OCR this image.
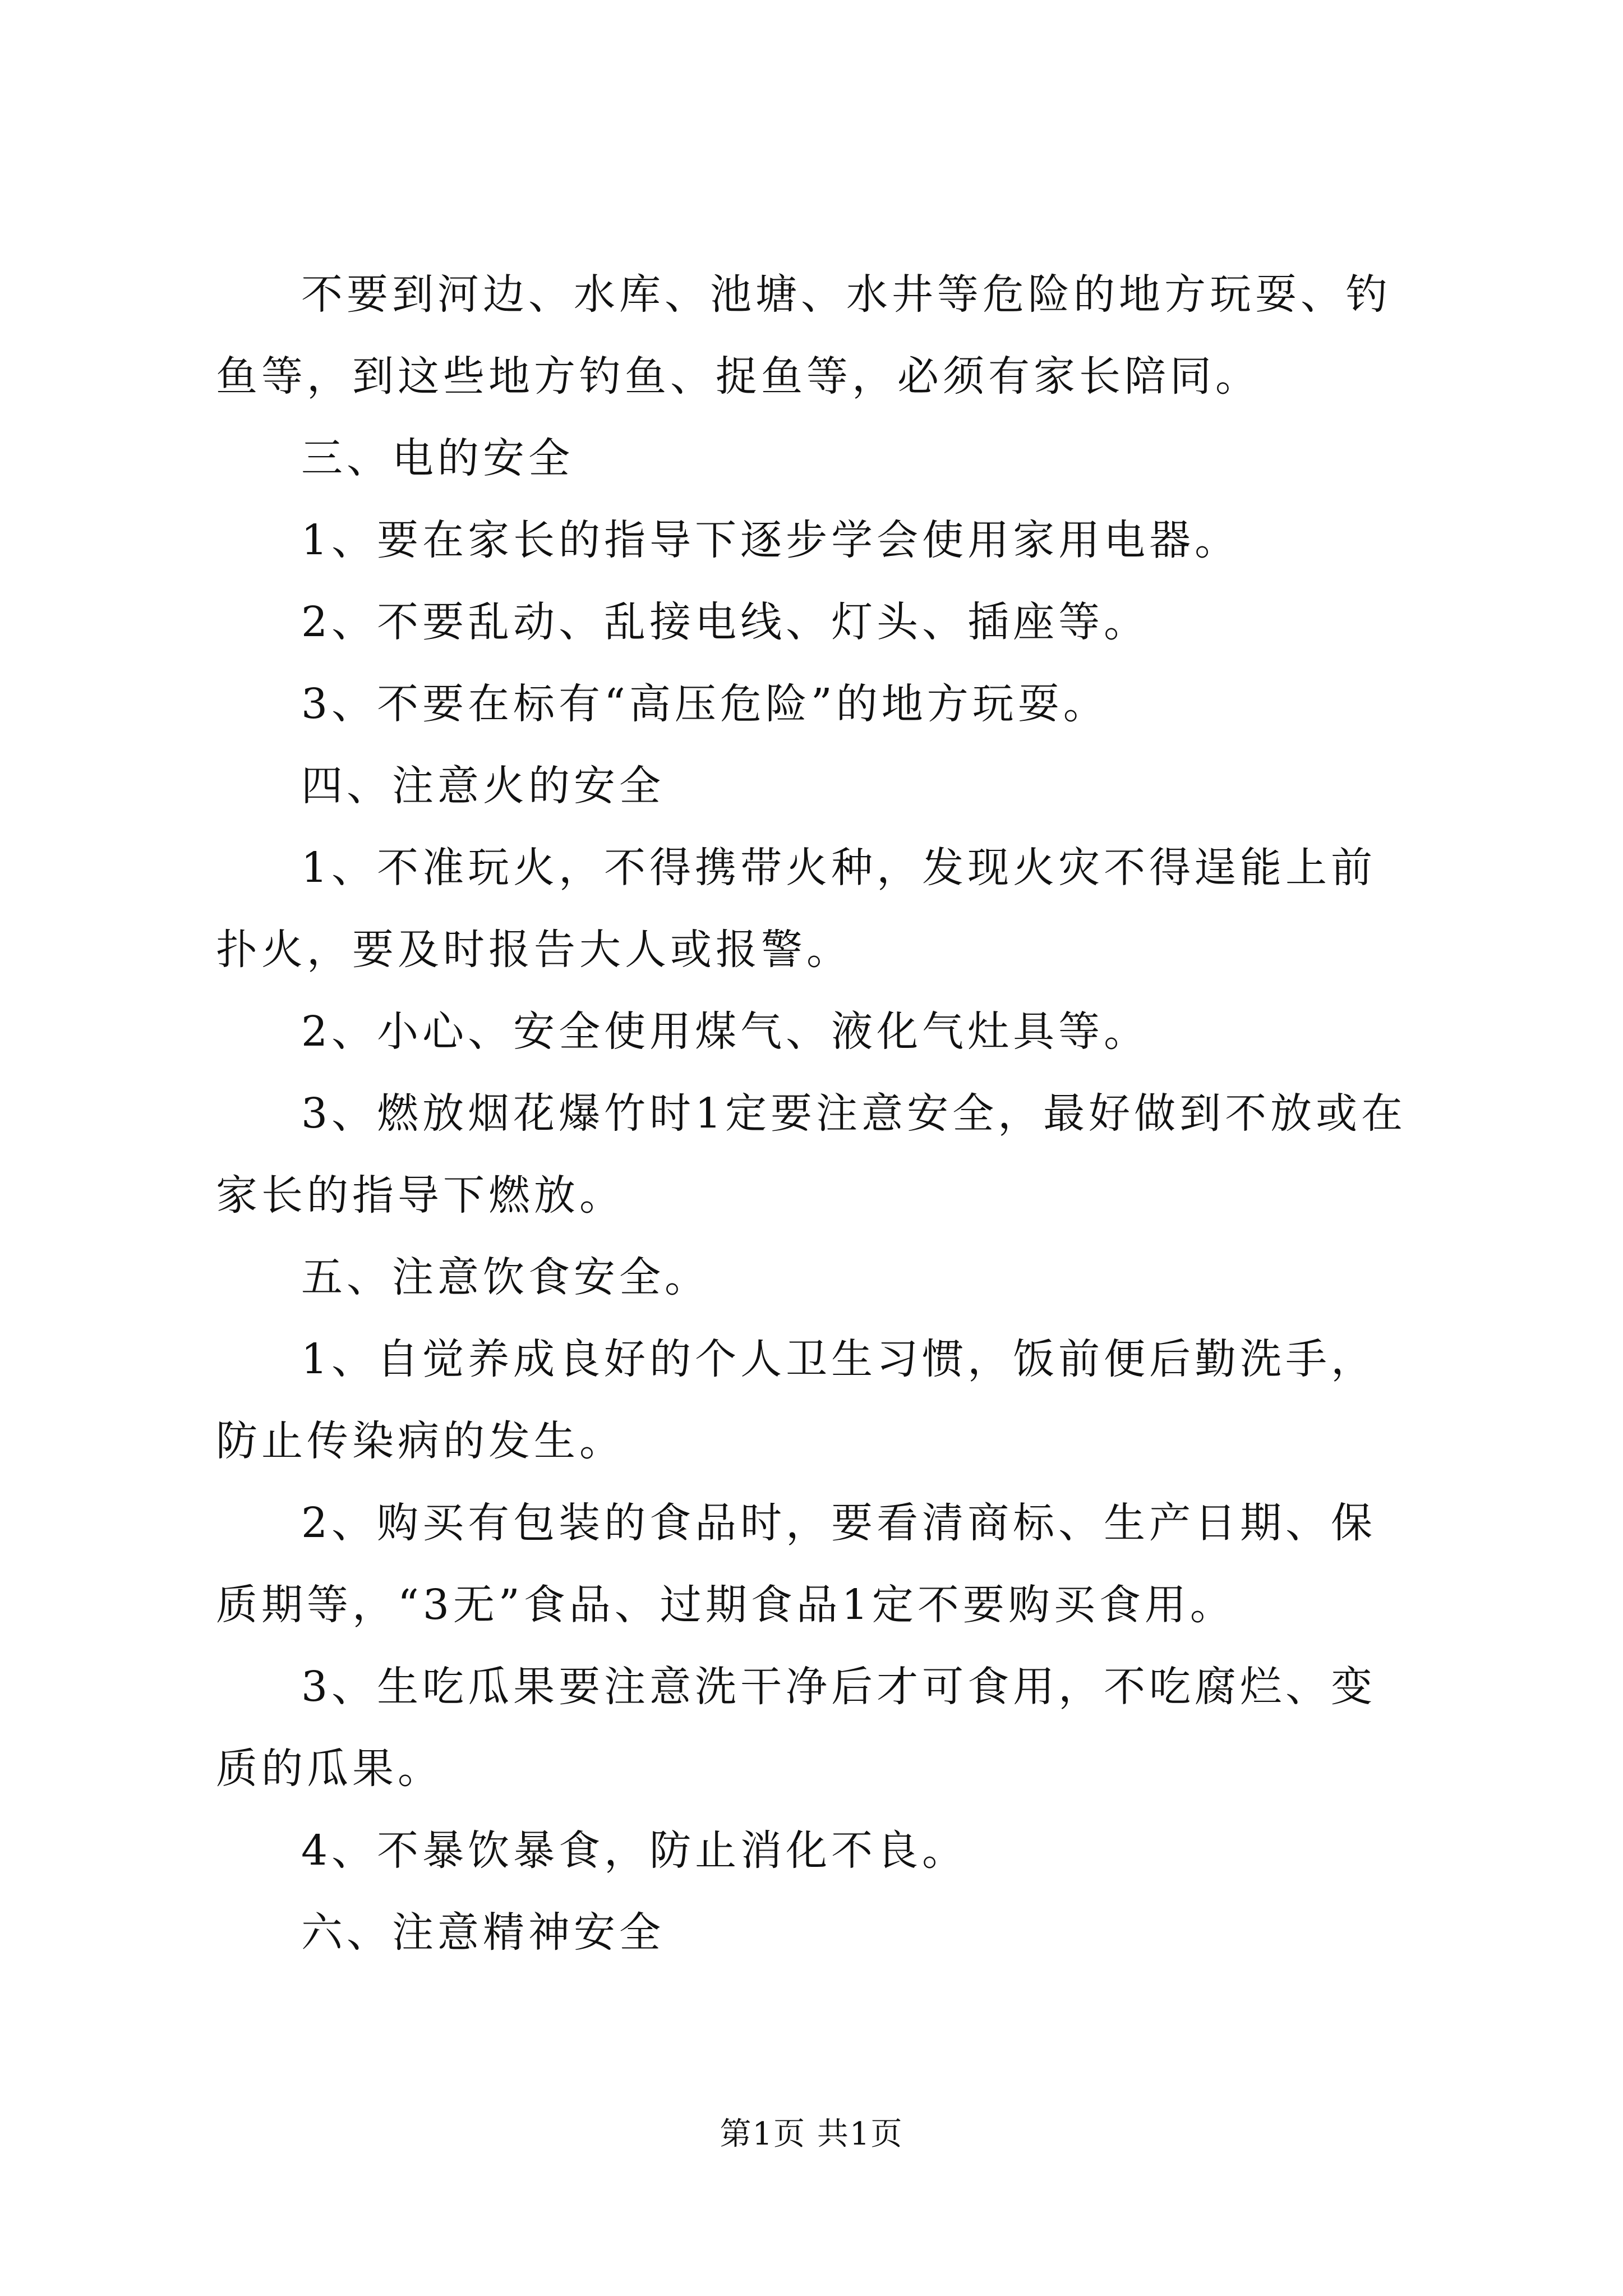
不要到河边、水库、池塘、水井等危险的地方玩耍、钓鱼等，到这些地方钓鱼、捉鱼等，必须有家长陪同。

三、电的安全

1、要在家长的指导下逐步学会使用家用电器。

2、不要乱动、乱接电线、灯头、插座等。

3、不要在标有“高压危险”的地方玩耍。

四、注意火的安全

1、不准玩火，不得携带火种，发现火灾不得逞能上前扑火，要及时报告大人或报警。

2、小心、安全使用煤气、液化气灶具等。

3、燃放烟花爆竹时1定要注意安全，最好做到不放或在家长的指导下燃放。

五、注意饮食安全。

1、自觉养成良好的个人卫生习惯，饭前便后勤洗手，防止传染病的发生。

2、购买有包装的食品时，要看清商标、生产日期、保质期等，“3无”食品、过期食品1定不要购买食用。

3、生吃瓜果要注意洗干净后才可食用，不吃腐烂、变质的瓜果。

4、不暴饮暴食，防止消化不良。

六、注意精神安全

第1页 共1页
